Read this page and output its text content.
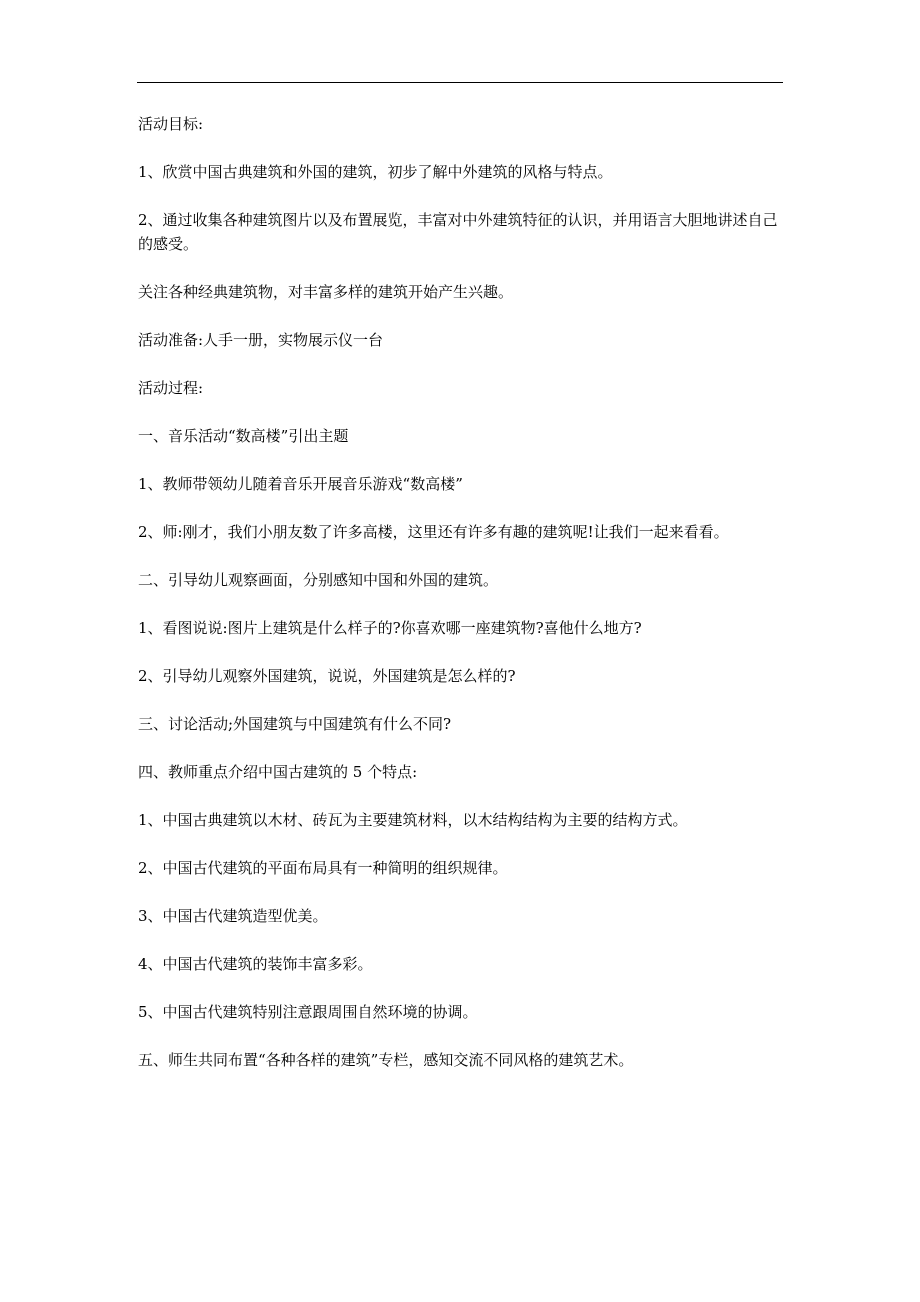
活动目标:

1、欣赏中国古典建筑和外国的建筑，初步了解中外建筑的风格与特点。

2、通过收集各种建筑图片以及布置展览，丰富对中外建筑特征的认识，并用语言大胆地讲述自己的感受。

关注各种经典建筑物，对丰富多样的建筑开始产生兴趣。

活动准备:人手一册，实物展示仪一台

活动过程:

一、音乐活动“数高楼”引出主题

1、教师带领幼儿随着音乐开展音乐游戏“数高楼”

2、师:刚才，我们小朋友数了许多高楼，这里还有许多有趣的建筑呢!让我们一起来看看。

二、引导幼儿观察画面，分别感知中国和外国的建筑。

1、看图说说:图片上建筑是什么样子的?你喜欢哪一座建筑物?喜他什么地方?

2、引导幼儿观察外国建筑，说说，外国建筑是怎么样的?

三、讨论活动;外国建筑与中国建筑有什么不同?

四、教师重点介绍中国古建筑的 5 个特点:

1、中国古典建筑以木材、砖瓦为主要建筑材料，以木结构结构为主要的结构方式。

2、中国古代建筑的平面布局具有一种简明的组织规律。

3、中国古代建筑造型优美。

4、中国古代建筑的装饰丰富多彩。

5、中国古代建筑特别注意跟周围自然环境的协调。

五、师生共同布置“各种各样的建筑”专栏，感知交流不同风格的建筑艺术。
